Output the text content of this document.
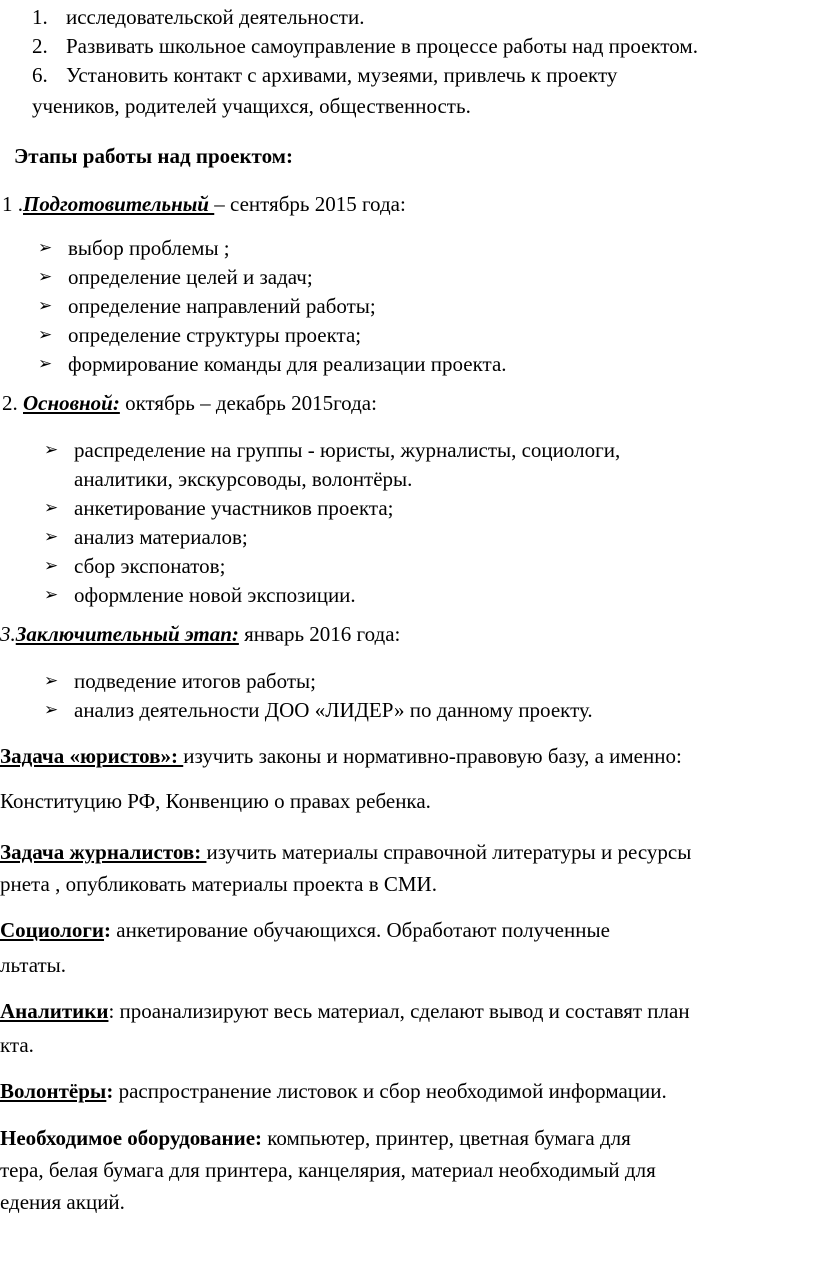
1. исследовательской деятельности.
2. Развивать школьное самоуправление в процессе работы над проектом.
6. Установить контакт с архивами, музеями, привлечь к проекту
учеников, родителей учащихся, общественность.
Этапы работы над проектом:
1 .Подготовительный – сентябрь 2015 года:
➢ выбор проблемы ;
➢ определение целей и задач;
➢ определение направлений работы;
➢ определение структуры проекта;
➢ формирование команды для реализации проекта.
2. Основной: октябрь – декабрь 2015года:
➢ распределение на группы - юристы, журналисты, социологи,
аналитики, экскурсоводы, волонтёры.
➢ анкетирование участников проекта;
➢ анализ материалов;
➢ сбор экспонатов;
➢ оформление новой экспозиции.
3.Заключительный этап: январь 2016 года:
➢ подведение итогов работы;
➢ анализ деятельности ДОО «ЛИДЕР» по данному проекту.
Задача «юристов»: изучить законы и нормативно-правовую базу, а именно:
Конституцию РФ, Конвенцию о правах ребенка.
Задача журналистов: изучить материалы справочной литературы и ресурсы
рнета , опубликовать материалы проекта в СМИ.
Социологи: анкетирование обучающихся. Обработают полученные
льтаты.
Аналитики: проанализируют весь материал, сделают вывод и составят план
кта.
Волонтёры: распространение листовок и сбор необходимой информации.
Необходимое оборудование: компьютер, принтер, цветная бумага для
тера, белая бумага для принтера, канцелярия, материал необходимый для
едения акций.
